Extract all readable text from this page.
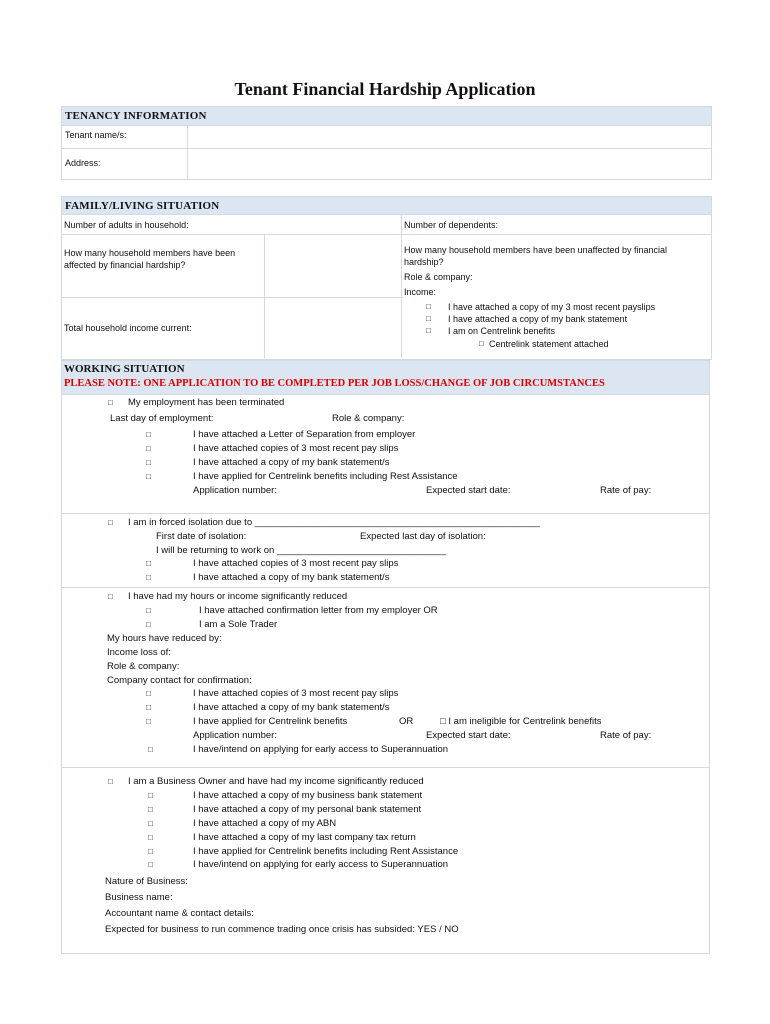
Tenant Financial Hardship Application
TENANCY INFORMATION
Tenant name/s:
Address:
FAMILY/LIVING SITUATION
Number of adults in household:	Number of dependents:
How many household members have been affected by financial hardship?
How many household members have been unaffected by financial hardship?
Role & company:
Income:
Total household income current:
□ I have attached a copy of my 3 most recent payslips
□ I have attached a copy of my bank statement
□ I am on Centrelink benefits
□ Centrelink statement attached
WORKING SITUATION
PLEASE NOTE: ONE APPLICATION TO BE COMPLETED PER JOB LOSS/CHANGE OF JOB CIRCUMSTANCES
□ My employment has been terminated
Last day of employment:	Role & company:
□	I have attached a Letter of Separation from employer
□	I have attached copies of 3 most recent pay slips
□	I have attached a copy of my bank statement/s
□	I have applied for Centrelink benefits including Rest Assistance
Application number:	Expected start date:	Rate of pay:
□ I am in forced isolation due to ______________________________________________________
First date of isolation:	Expected last day of isolation:
I will be returning to work on ________________________________
□	I have attached copies of 3 most recent pay slips
□	I have attached a copy of my bank statement/s
□ I have had my hours or income significantly reduced
□	I have attached confirmation letter from my employer OR
□	I am a Sole Trader
My hours have reduced by:
Income loss of:
Role & company:
Company contact for confirmation:
□	I have attached copies of 3 most recent pay slips
□	I have attached a copy of my bank statement/s
□	I have applied for Centrelink benefits	OR	□ I am ineligible for Centrelink benefits
Application number:	Expected start date:	Rate of pay:
□	I have/intend on applying for early access to Superannuation
□ I am a Business Owner and have had my income significantly reduced
□	I have attached a copy of my business bank statement
□	I have attached a copy of my personal bank statement
□	I have attached a copy of my ABN
□	I have attached a copy of my last company tax return
□	I have applied for Centrelink benefits including Rent Assistance
□	I have/intend on applying for early access to Superannuation
Nature of Business:
Business name:
Accountant name & contact details:
Expected for business to run commence trading once crisis has subsided: YES / NO
